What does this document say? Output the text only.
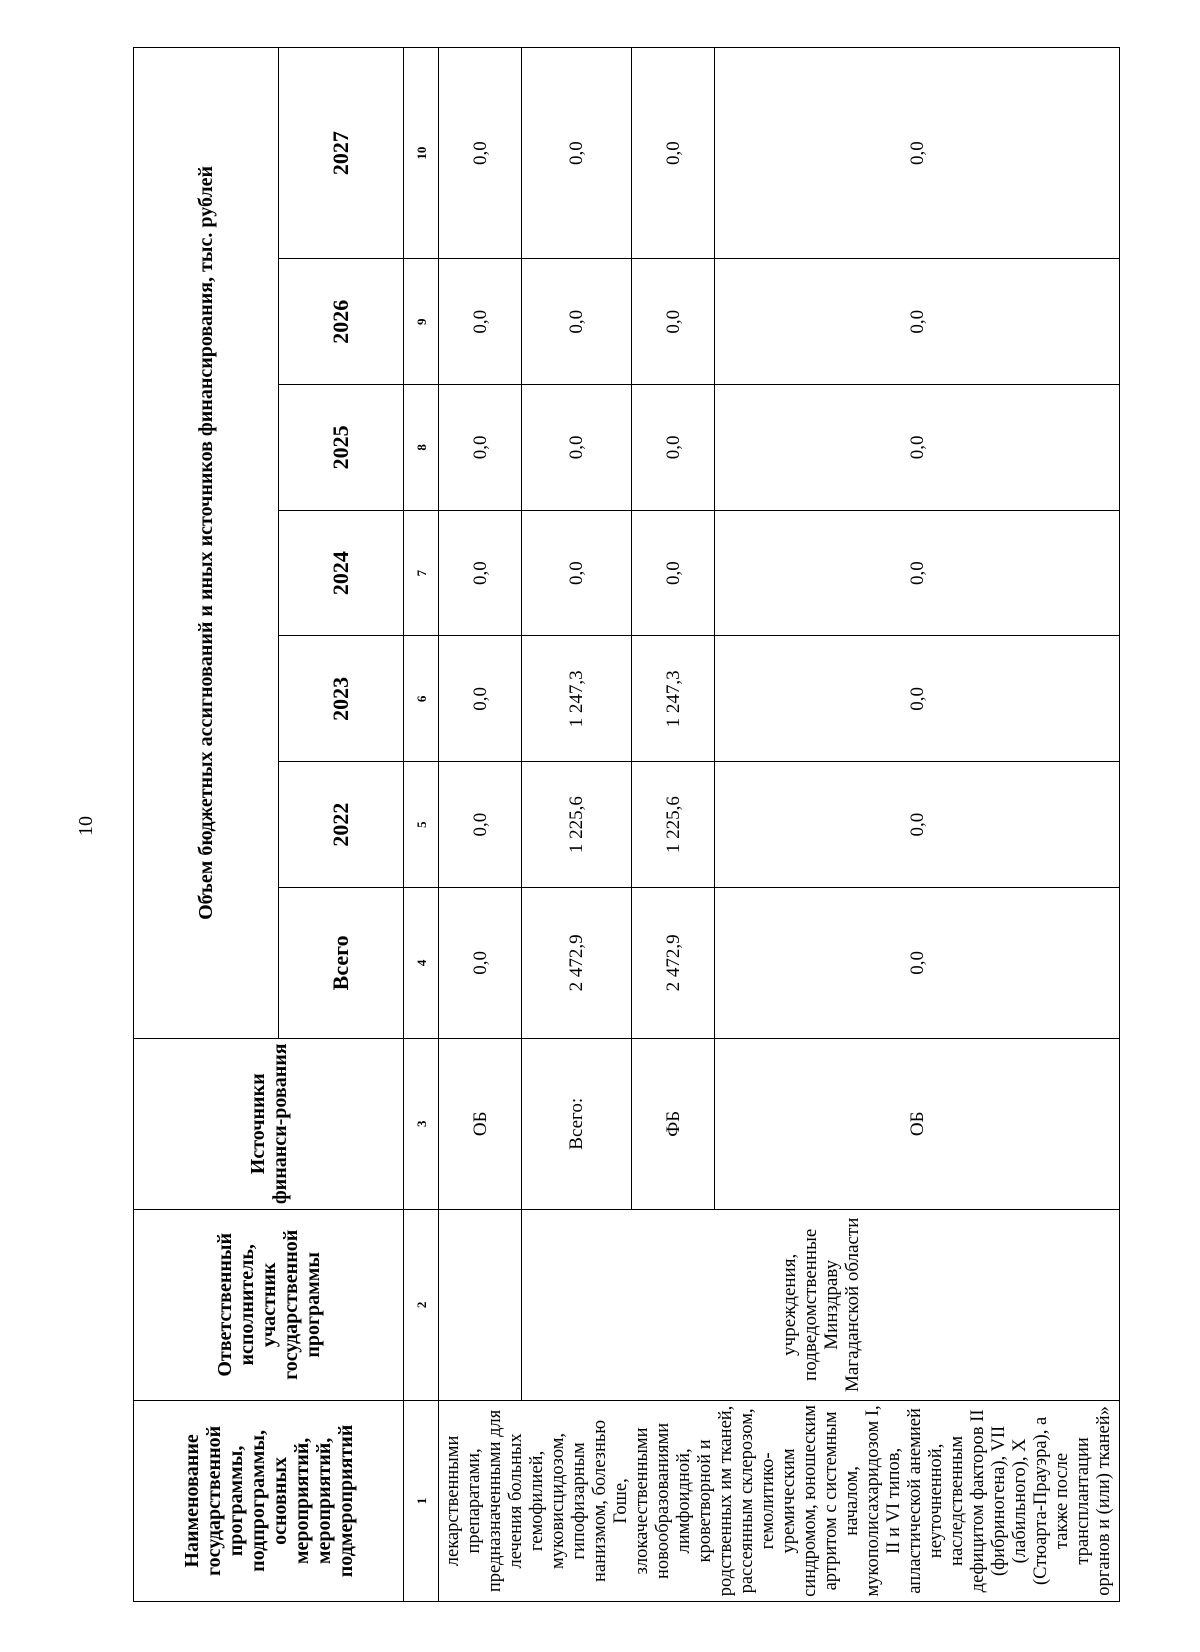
10
Наименование государственной программы, подпрограммы, основных мероприятий, мероприятий, подмероприятий	Ответственный исполнитель, участник государственной программы	Источники финанси-рования	Объем бюджетных ассигнований и иных источников финансирования, тыс. рублей						
			Всего	2022	2023	2024	2025	2026	2027
1	2	3	4	5	6	7	8	9	10
лекарственными препаратами, предназначенными для лечения больных гемофилией, муковисцидозом, гипофизарным нанизмом, болезнью Гоше, злокачественными новообразованиями лимфоидной, кроветворной и родственных им тканей, рассеянным склерозом, гемолитико-уремическим синдромом, юношеским артритом с системным началом, мукополисахаридозом I, II и VI типов, апластической анемией неуточненной, наследственным дефицитом факторов II (фибриногена), VII (лабильного), X (Стюарта-Прауэра), а также после трансплантации органов и (или) тканей»		ОБ	0,0	0,0	0,0	0,0	0,0	0,0	0,0
	учреждения, подведомственные Минздраву Магаданской области	Всего:	2 472,9	1 225,6	1 247,3	0,0	0,0	0,0	0,0
		ФБ	2 472,9	1 225,6	1 247,3	0,0	0,0	0,0	0,0
		ОБ	0,0	0,0	0,0	0,0	0,0	0,0	0,0
